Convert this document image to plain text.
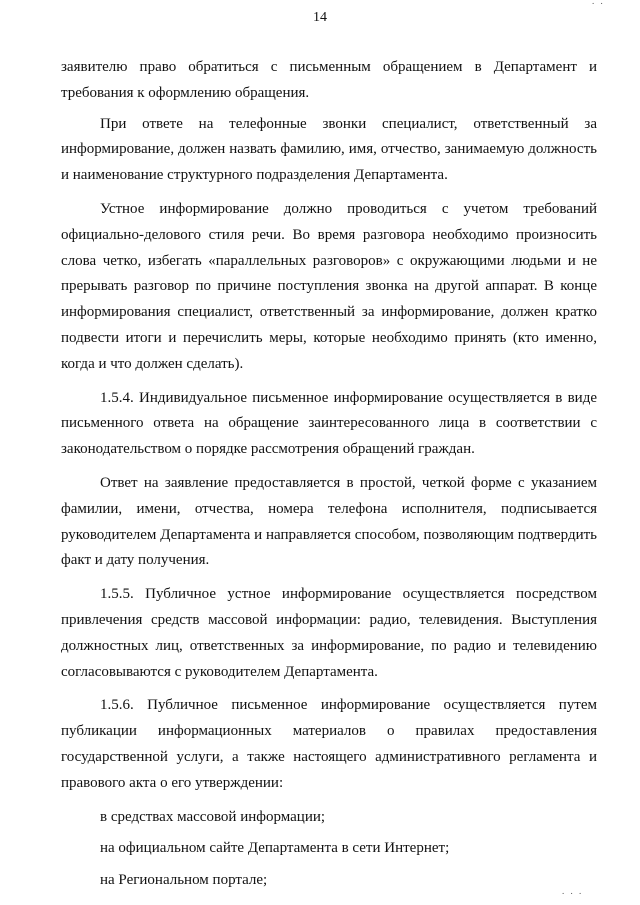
14
. .
. . .

заявителю право обратиться с письменным обращением в Департамент и требования к оформлению обращения.

При ответе на телефонные звонки специалист, ответственный за информирование, должен назвать фамилию, имя, отчество, занимаемую должность и наименование структурного подразделения Департамента.

Устное информирование должно проводиться с учетом требований официально-делового стиля речи. Во время разговора необходимо произносить слова четко, избегать «параллельных разговоров» с окружающими людьми и не прерывать разговор по причине поступления звонка на другой аппарат. В конце информирования специалист, ответственный за информирование, должен кратко подвести итоги и перечислить меры, которые необходимо принять (кто именно, когда и что должен сделать).

1.5.4. Индивидуальное письменное информирование осуществляется в виде письменного ответа на обращение заинтересованного лица в соответствии с законодательством о порядке рассмотрения обращений граждан.

Ответ на заявление предоставляется в простой, четкой форме с указанием фамилии, имени, отчества, номера телефона исполнителя, подписывается руководителем Департамента и направляется способом, позволяющим подтвердить факт и дату получения.

1.5.5. Публичное устное информирование осуществляется посредством привлечения средств массовой информации: радио, телевидения. Выступления должностных лиц, ответственных за информирование, по радио и телевидению согласовываются с руководителем Департамента.

1.5.6. Публичное письменное информирование осуществляется путем публикации информационных материалов о правилах предоставления государственной услуги, а также настоящего административного регламента и правового акта о его утверждении:

в средствах массовой информации;

на официальном сайте Департамента в сети Интернет;

на Региональном портале;
